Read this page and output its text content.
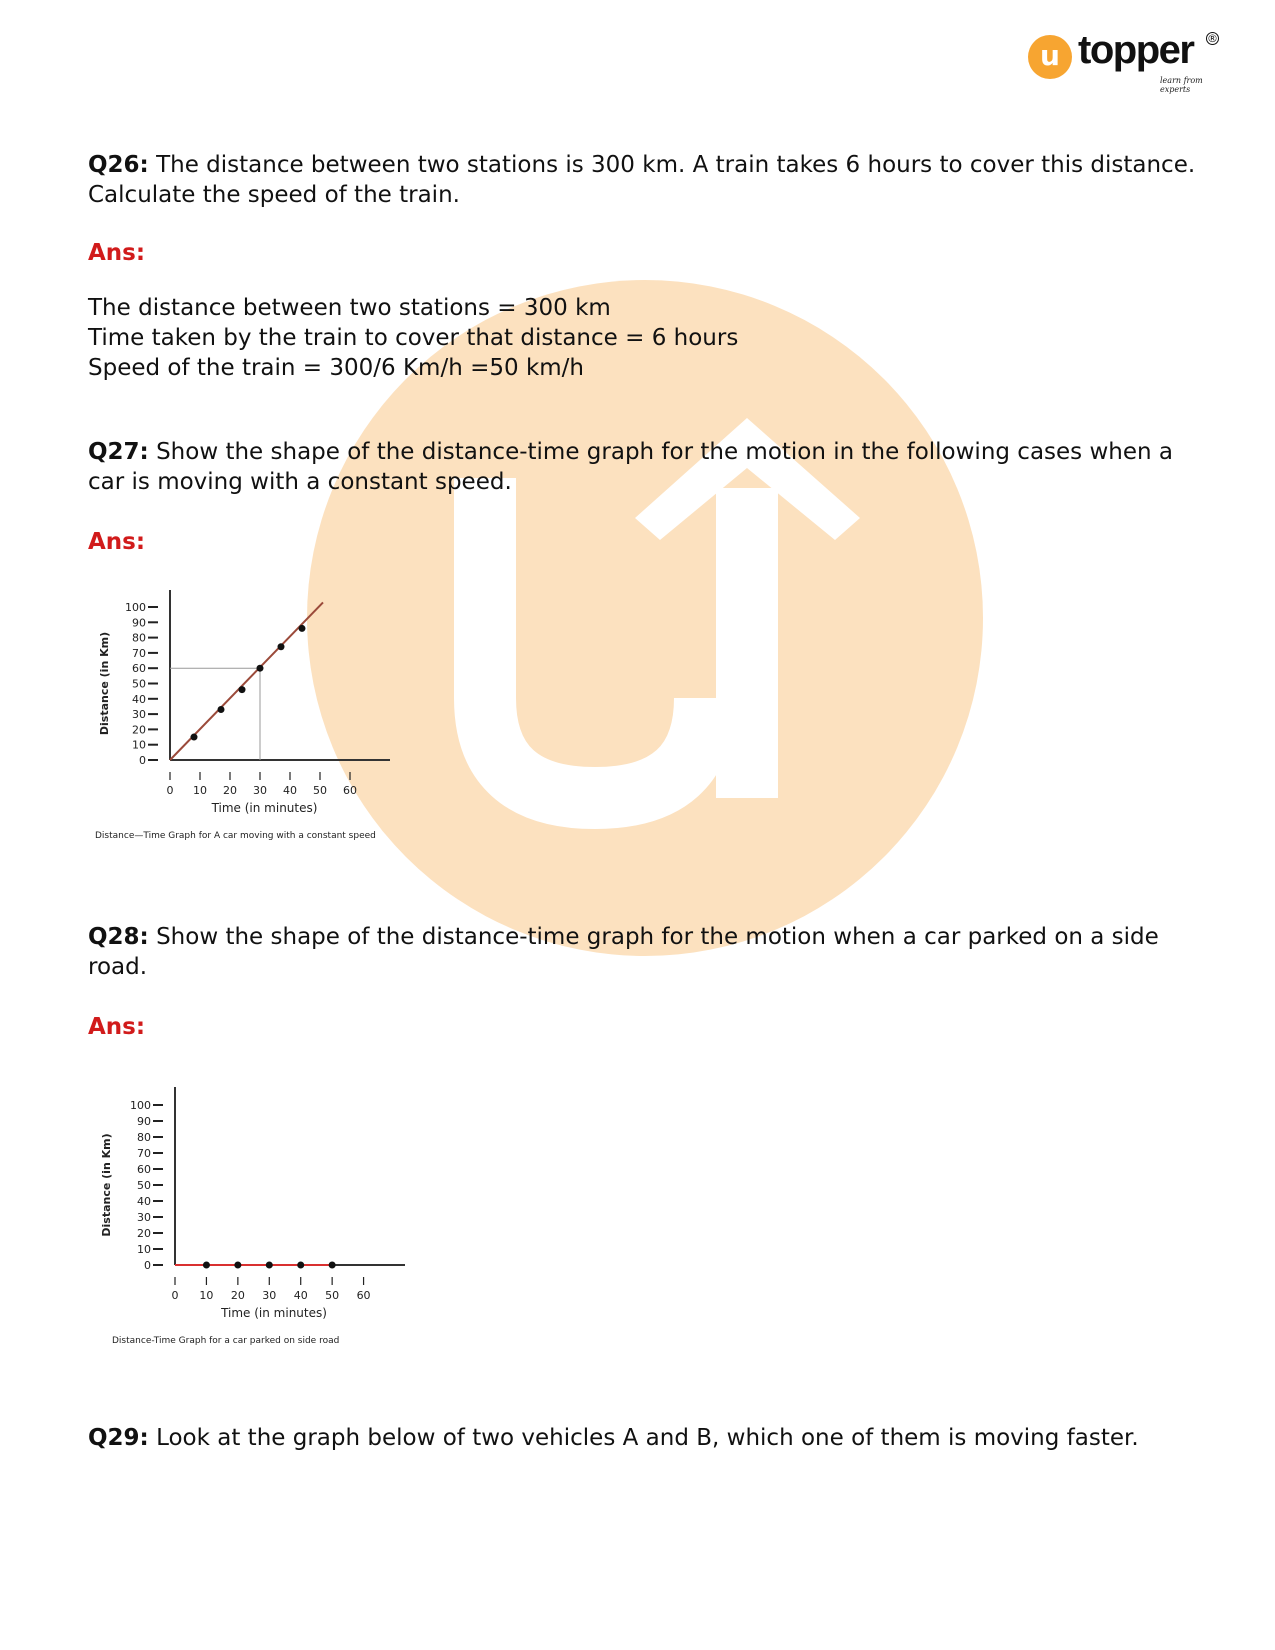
u topper ®
learn from experts
Q26: The distance between two stations is 300 km. A train takes 6 hours to cover this distance. Calculate the speed of the train.
Ans:
The distance between two stations = 300 km
Time taken by the train to cover that distance = 6 hours
Speed of the train = 300/6 Km/h =50 km/h
Q27: Show the shape of the distance-time graph for the motion in the following cases when a car is moving with a constant speed.
Ans:
0
10
20
30
40
50
60
70
80
90
100
0 10 20 30 40 50 60
Time (in minutes)
Distance (in Km)
Distance—Time Graph for A car moving with a constant speed
Q28: Show the shape of the distance-time graph for the motion when a car parked on a side road.
Ans:
0
10
20
30
40
50
60
70
80
90
100
0 10 20 30 40 50 60
Time (in minutes)
Distance (in Km)
Distance-Time Graph for a car parked on side road
Q29: Look at the graph below of two vehicles A and B, which one of them is moving faster.
